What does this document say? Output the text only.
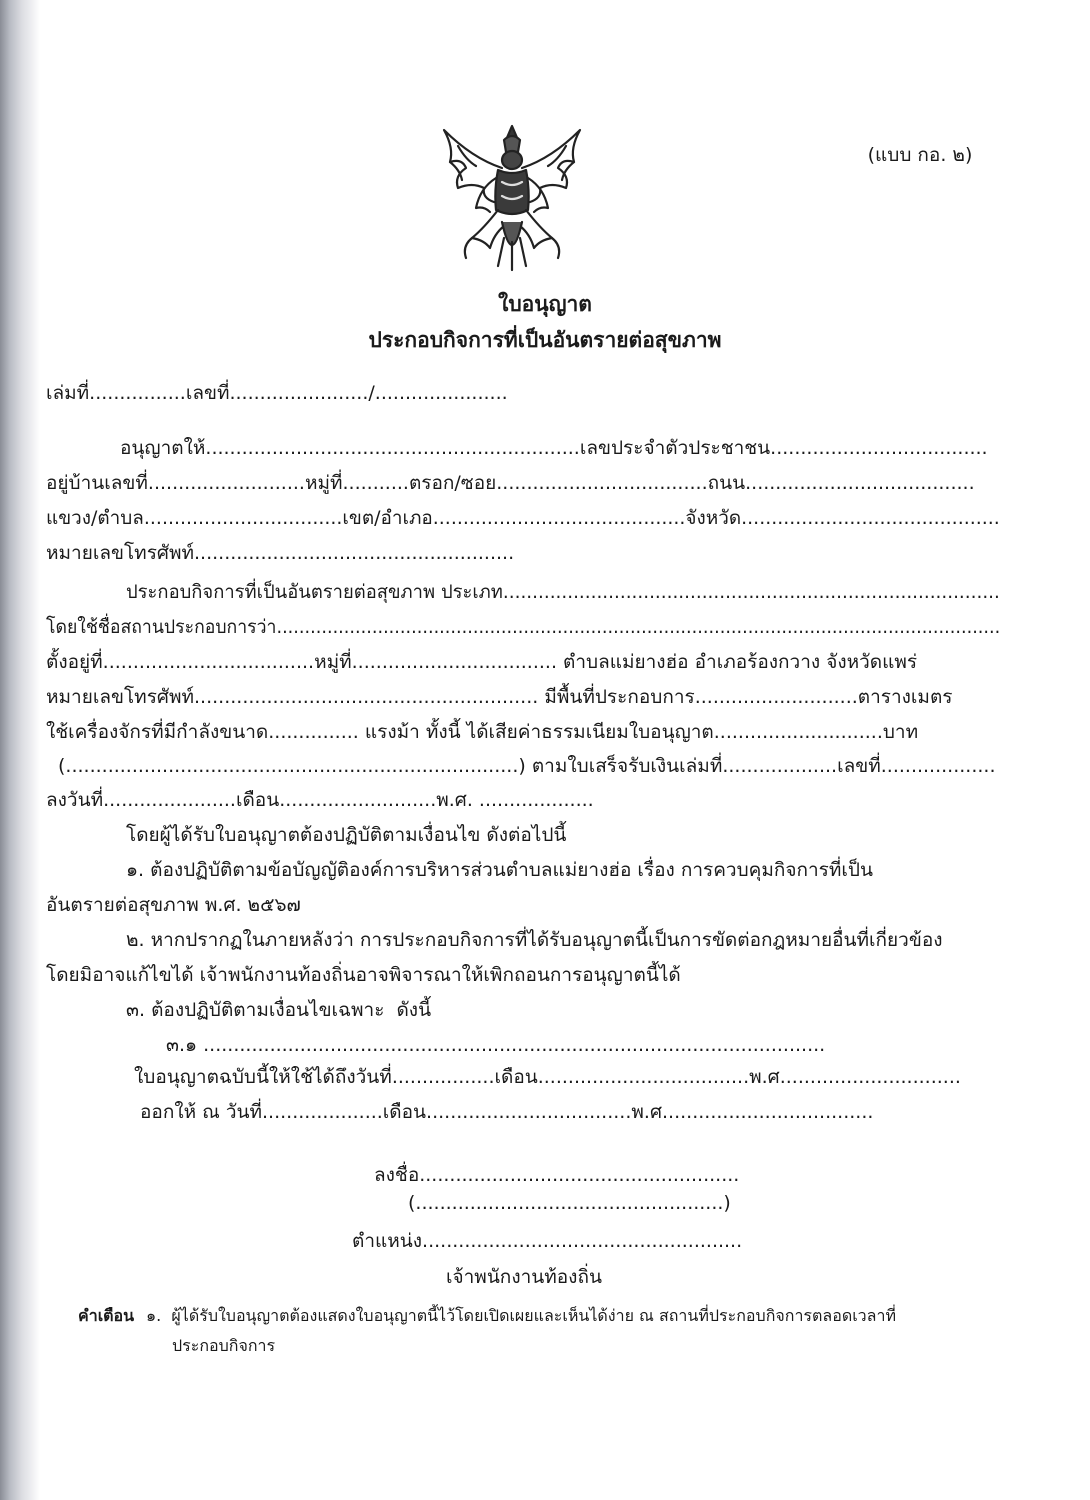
(แบบ กอ. ๒)
ใบอนุญาต
ประกอบกิจการที่เป็นอันตรายต่อสุขภาพ
เล่มที่................เลขที่......................./......................
อนุญาตให้..............................................................เลขประจำตัวประชาชน....................................
อยู่บ้านเลขที่..........................หมู่ที่...........ตรอก/ซอย...................................ถนน......................................
แขวง/ตำบล.................................เขต/อำเภอ..........................................จังหวัด...........................................
หมายเลขโทรศัพท์.....................................................
ประกอบกิจการที่เป็นอันตรายต่อสุขภาพ ประเภท.....................................................................................
โดยใช้ชื่อสถานประกอบการว่า.................................................................................................................................
ตั้งอยู่ที่...................................หมู่ที่.................................. ตำบลแม่ยางฮ่อ อำเภอร้องกวาง จังหวัดแพร่
หมายเลขโทรศัพท์......................................................... มีพื้นที่ประกอบการ...........................ตารางเมตร
ใช้เครื่องจักรที่มีกำลังขนาด............... แรงม้า ทั้งนี้ ได้เสียค่าธรรมเนียมใบอนุญาต............................บาท
(...........................................................................) ตามใบเสร็จรับเงินเล่มที่...................เลขที่...................
ลงวันที่......................เดือน..........................พ.ศ. ...................
โดยผู้ได้รับใบอนุญาตต้องปฏิบัติตามเงื่อนไข ดังต่อไปนี้
๑. ต้องปฏิบัติตามข้อบัญญัติองค์การบริหารส่วนตำบลแม่ยางฮ่อ เรื่อง การควบคุมกิจการที่เป็น
อันตรายต่อสุขภาพ พ.ศ. ๒๕๖๗
๒. หากปรากฏในภายหลังว่า การประกอบกิจการที่ได้รับอนุญาตนี้เป็นการขัดต่อกฎหมายอื่นที่เกี่ยวข้อง
โดยมิอาจแก้ไขได้ เจ้าพนักงานท้องถิ่นอาจพิจารณาให้เพิกถอนการอนุญาตนี้ได้
๓. ต้องปฏิบัติตามเงื่อนไขเฉพาะ  ดังนี้
๓.๑ .......................................................................................................
ใบอนุญาตฉบับนี้ให้ใช้ได้ถึงวันที่.................เดือน...................................พ.ศ..............................
ออกให้ ณ วันที่....................เดือน..................................พ.ศ...................................
ลงชื่อ.....................................................
(...................................................)
ตำแหน่ง.....................................................
เจ้าพนักงานท้องถิ่น
คำเตือน ๑.  ผู้ได้รับใบอนุญาตต้องแสดงใบอนุญาตนี้ไว้โดยเปิดเผยและเห็นได้ง่าย ณ สถานที่ประกอบกิจการตลอดเวลาที่
ประกอบกิจการ
